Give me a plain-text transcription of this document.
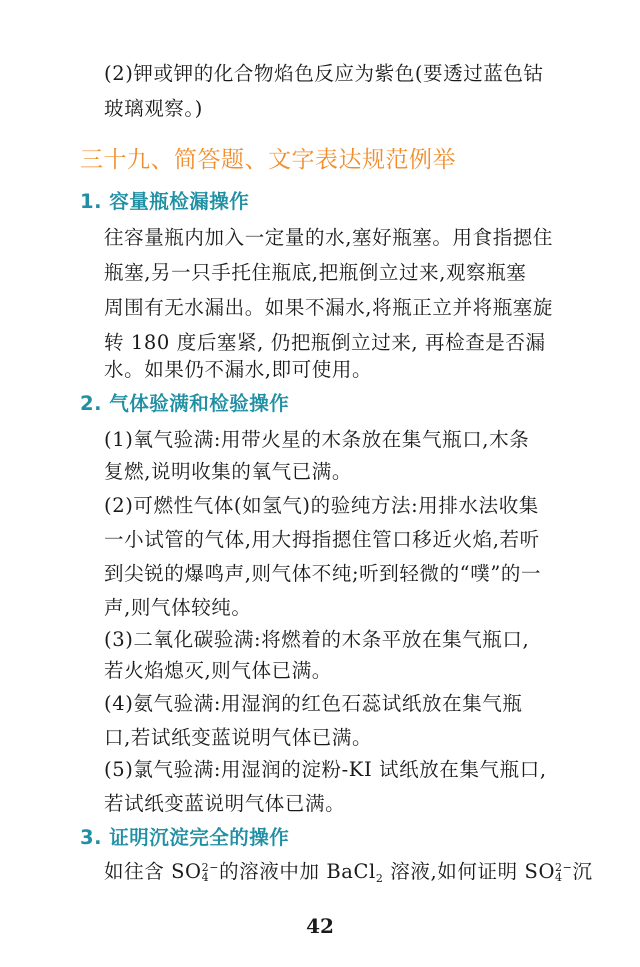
(2)钾或钾的化合物焰色反应为紫色(要透过蓝色钴
玻璃观察。)
三十九、简答题、文字表达规范例举
1. 容量瓶检漏操作
往容量瓶内加入一定量的水,塞好瓶塞。用食指摁住
瓶塞,另一只手托住瓶底,把瓶倒立过来,观察瓶塞
周围有无水漏出。如果不漏水,将瓶正立并将瓶塞旋
转 180 度后塞紧, 仍把瓶倒立过来, 再检查是否漏
水。如果仍不漏水,即可使用。
2. 气体验满和检验操作
(1)氧气验满:用带火星的木条放在集气瓶口,木条
复燃,说明收集的氧气已满。
(2)可燃性气体(如氢气)的验纯方法:用排水法收集
一小试管的气体,用大拇指摁住管口移近火焰,若听
到尖锐的爆鸣声,则气体不纯;听到轻微的“噗”的一
声,则气体较纯。
(3)二氧化碳验满:将燃着的木条平放在集气瓶口,
若火焰熄灭,则气体已满。
(4)氨气验满:用湿润的红色石蕊试纸放在集气瓶
口,若试纸变蓝说明气体已满。
(5)氯气验满:用湿润的淀粉-KI 试纸放在集气瓶口,
若试纸变蓝说明气体已满。
3. 证明沉淀完全的操作
如往含 SO 2−
4 的溶液中加 BaCl$_2$ 溶液,如何证明 SO 2−
4 沉
42
